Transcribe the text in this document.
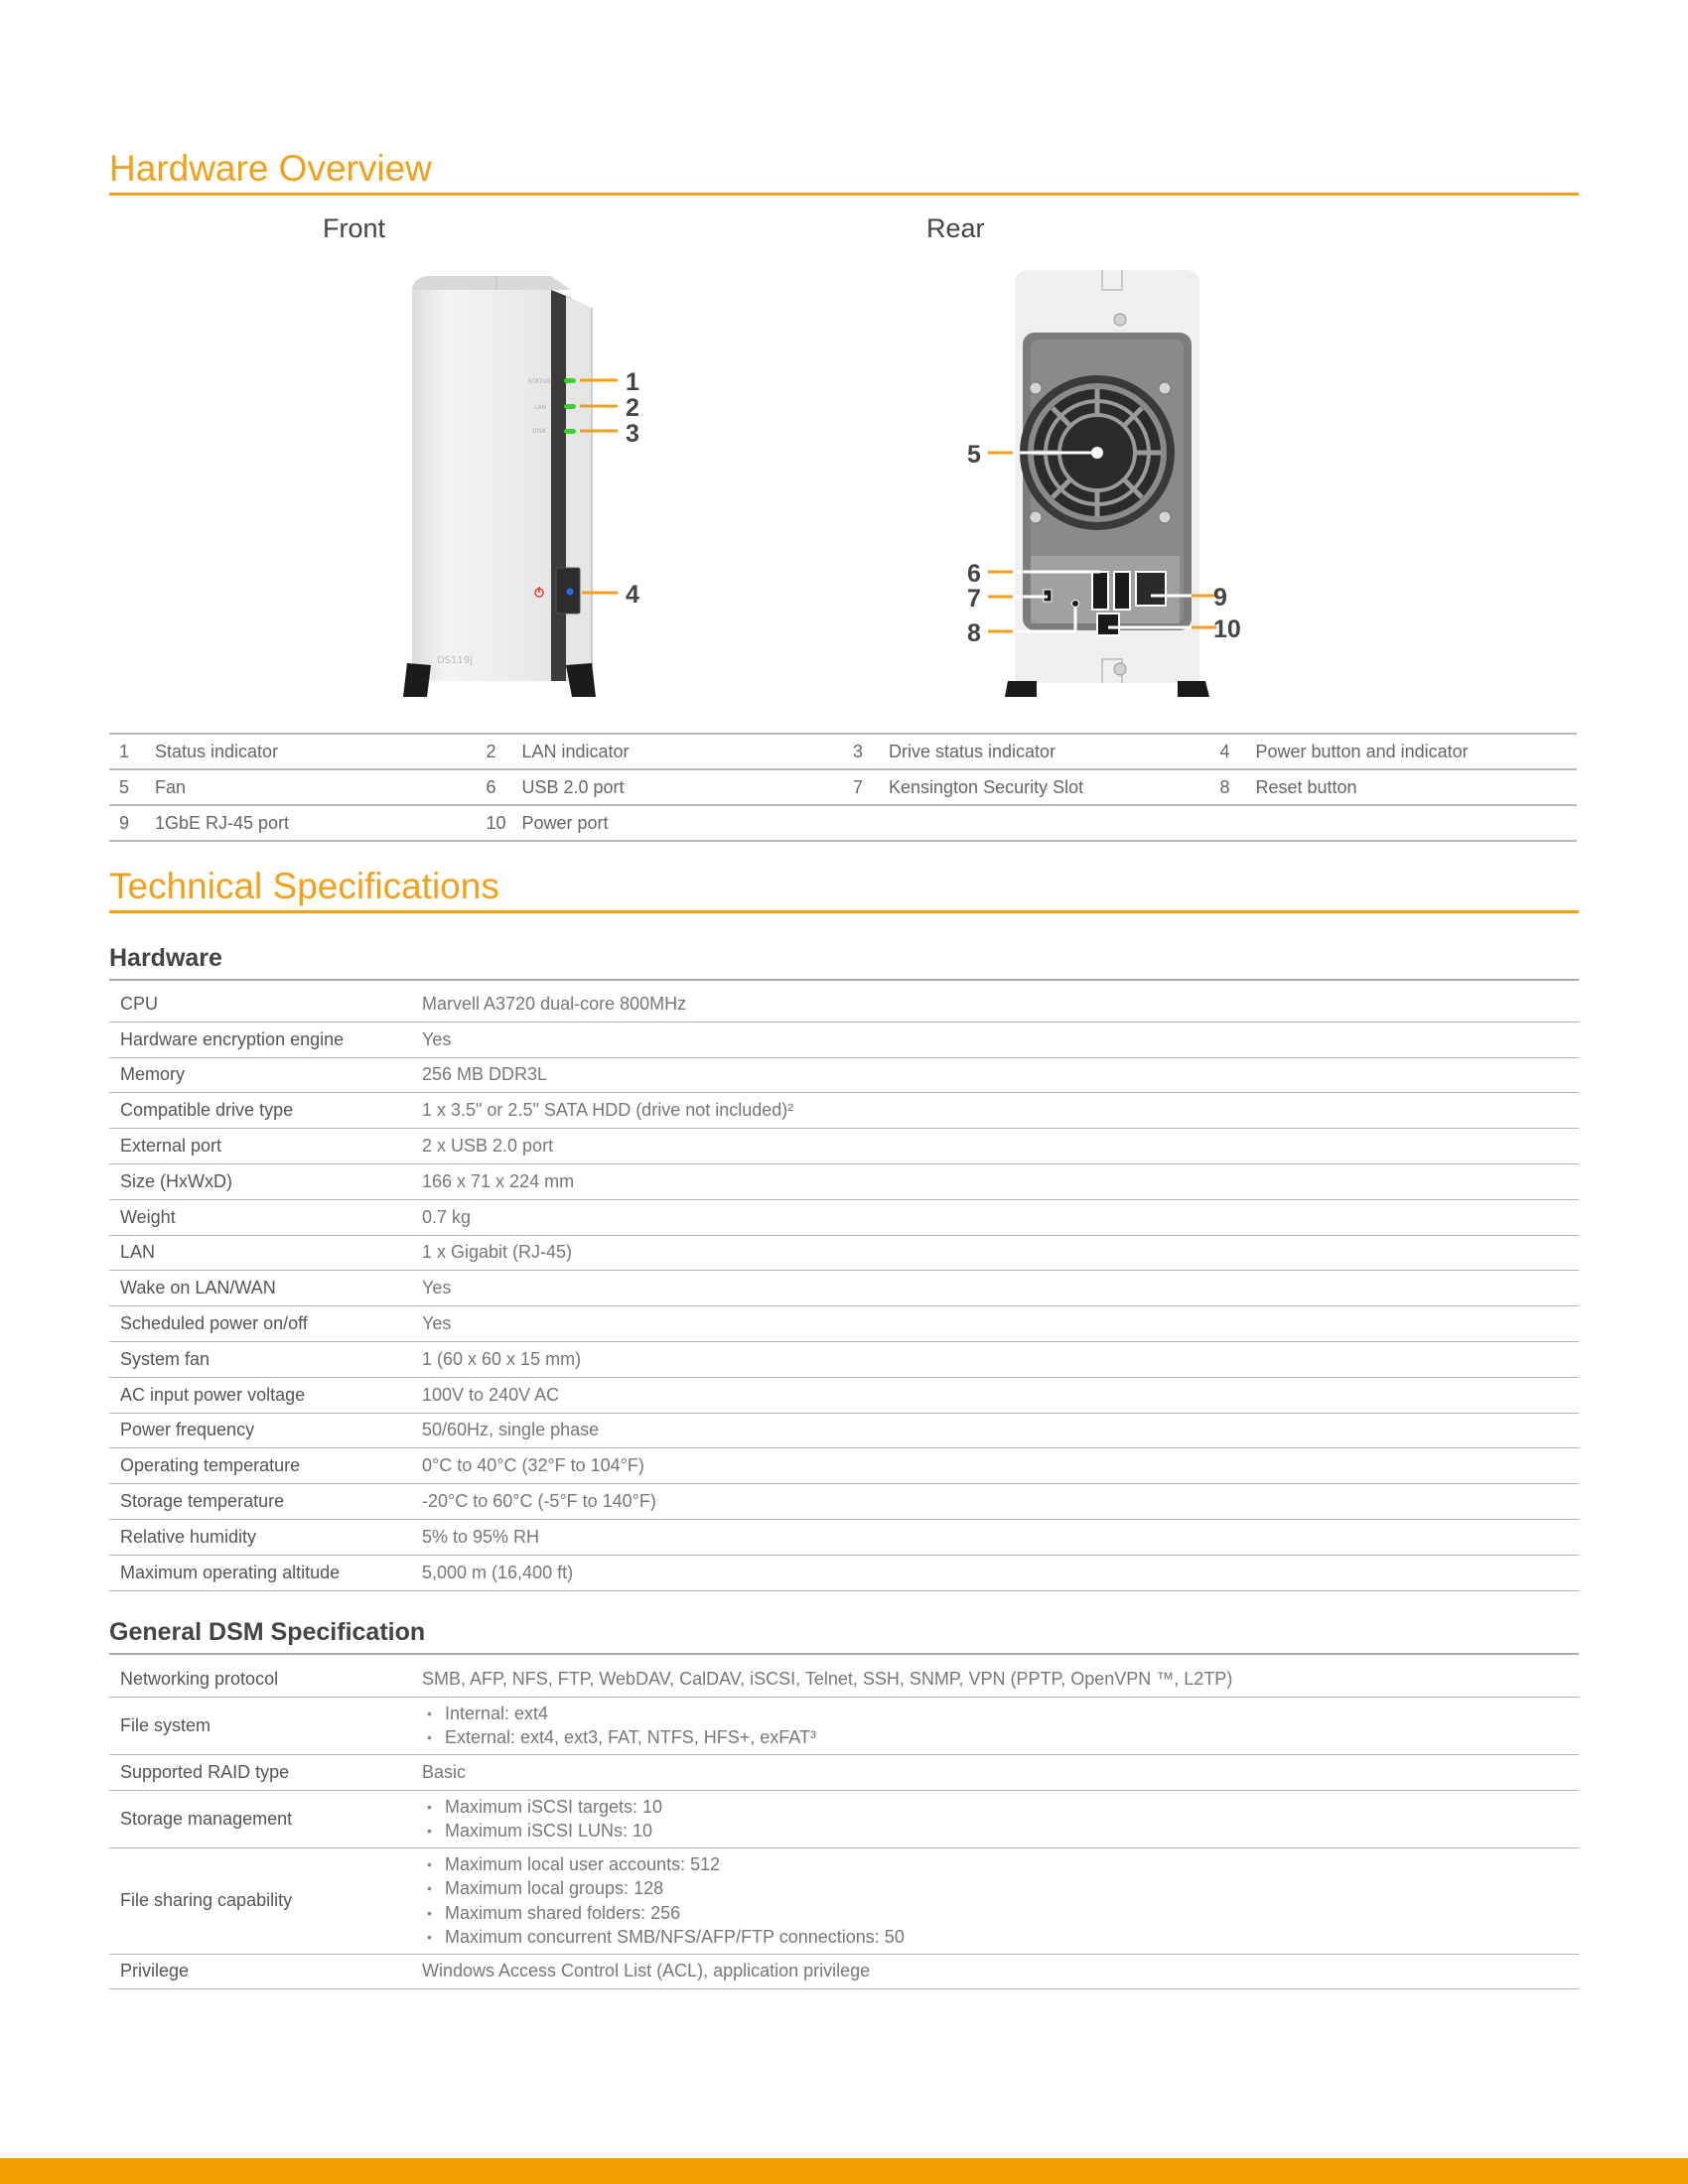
Hardware Overview
Front	Rear
STATUS
LAN
DISK
DS119j
1
2
3
4
5
6
7
8
9
10
1	Status indicator	2	LAN indicator	3	Drive status indicator	4	Power button and indicator
5	Fan	6	USB 2.0 port	7	Kensington Security Slot	8	Reset button
9	1GbE RJ-45 port	10 Power port
Technical Specifications
Hardware
CPU	Marvell A3720 dual-core 800MHz
Hardware encryption engine	Yes
Memory	256 MB DDR3L
Compatible drive type	1 x 3.5" or 2.5" SATA HDD (drive not included)²
External port	2 x USB 2.0 port
Size (HxWxD)	166 x 71 x 224 mm
Weight	0.7 kg
LAN	1 x Gigabit (RJ-45)
Wake on LAN/WAN	Yes
Scheduled power on/off	Yes
System fan	1 (60 x 60 x 15 mm)
AC input power voltage	100V to 240V AC
Power frequency	50/60Hz, single phase
Operating temperature	0°C to 40°C (32°F to 104°F)
Storage temperature	-20°C to 60°C (-5°F to 140°F)
Relative humidity	5% to 95% RH
Maximum operating altitude	5,000 m (16,400 ft)
General DSM Specification
Networking protocol	SMB, AFP, NFS, FTP, WebDAV, CalDAV, iSCSI, Telnet, SSH, SNMP, VPN (PPTP, OpenVPN ™, L2TP)
File system
• Internal: ext4
• External: ext4, ext3, FAT, NTFS, HFS+, exFAT³
Supported RAID type	Basic
Storage management
• Maximum iSCSI targets: 10
• Maximum iSCSI LUNs: 10
File sharing capability
• Maximum local user accounts: 512
• Maximum local groups: 128
• Maximum shared folders: 256
• Maximum concurrent SMB/NFS/AFP/FTP connections: 50
Privilege	Windows Access Control List (ACL), application privilege
